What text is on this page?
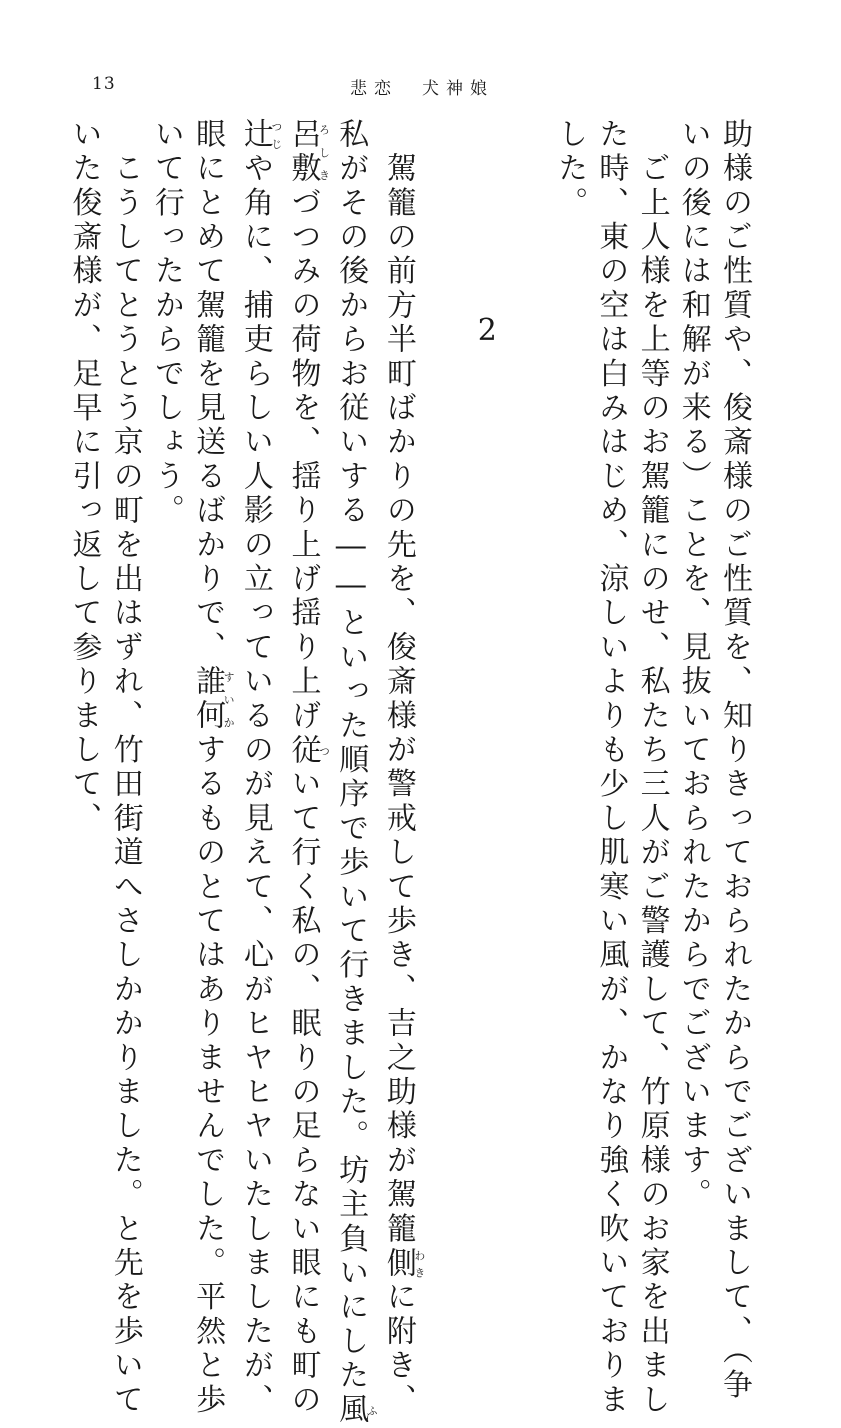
13	悲恋　犬神娘

助様のご性質や、俊斎様のご性質を、知りきっておられたからでございまして、（争

いの後には和解が来る）ことを、見抜いておられたからでございます。

　ご上人様を上等のお駕籠にのせ、私たち三人がご警護して、竹原様のお家を出まし

た時、東の空は白みはじめ、涼しいよりも少し肌寒い風が、かなり強く吹いておりま

した。

2

　駕籠の前方半町ばかりの先を、俊斎様が警戒して歩き、吉之助様が駕籠側わきに附き、

私がその後からお従いする――といった順序で歩いて行きました。坊主負いにした風ふ

呂敷ろしきづつみの荷物を、揺り上げ揺り上げ従ついて行く私の、眠りの足らない眼にも町の

辻つじや角に、捕吏らしい人影の立っているのが見えて、心がヒヤヒヤいたしましたが、

眼にとめて駕籠を見送るばかりで、誰何すいかするものとてはありませんでした。平然と歩

いて行ったからでしょう。

　こうしてとうとう京の町を出はずれ、竹田街道へさしかかりました。と先を歩いて

いた俊斎様が、足早に引っ返して参りまして、
